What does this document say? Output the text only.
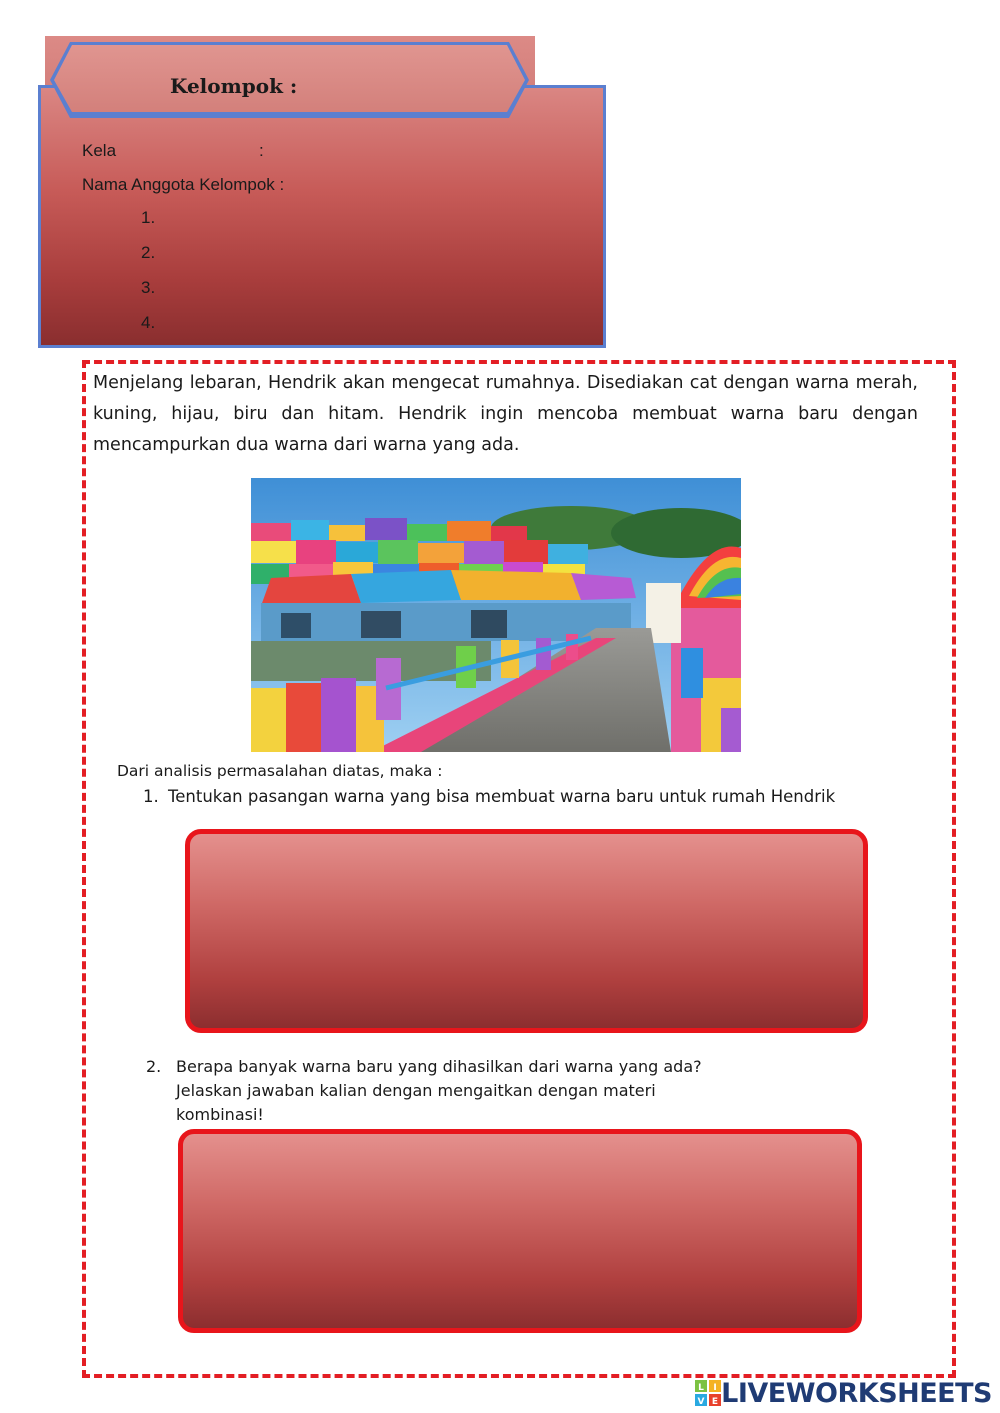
Kelompok :
Kela	:
Nama Anggota Kelompok :
1.
2.
3.
4.

Menjelang lebaran, Hendrik akan mengecat rumahnya. Disediakan cat dengan warna merah, kuning, hijau, biru dan hitam. Hendrik ingin mencoba membuat warna baru dengan mencampurkan dua warna dari warna yang ada.

Dari analisis permasalahan diatas, maka :
1. Tentukan pasangan warna yang bisa membuat warna baru untuk rumah Hendrik
2. Berapa banyak warna baru yang dihasilkan dari warna yang ada?
Jelaskan jawaban kalian dengan mengaitkan dengan materi
kombinasi!
L I
V E LIVEWORKSHEETS
